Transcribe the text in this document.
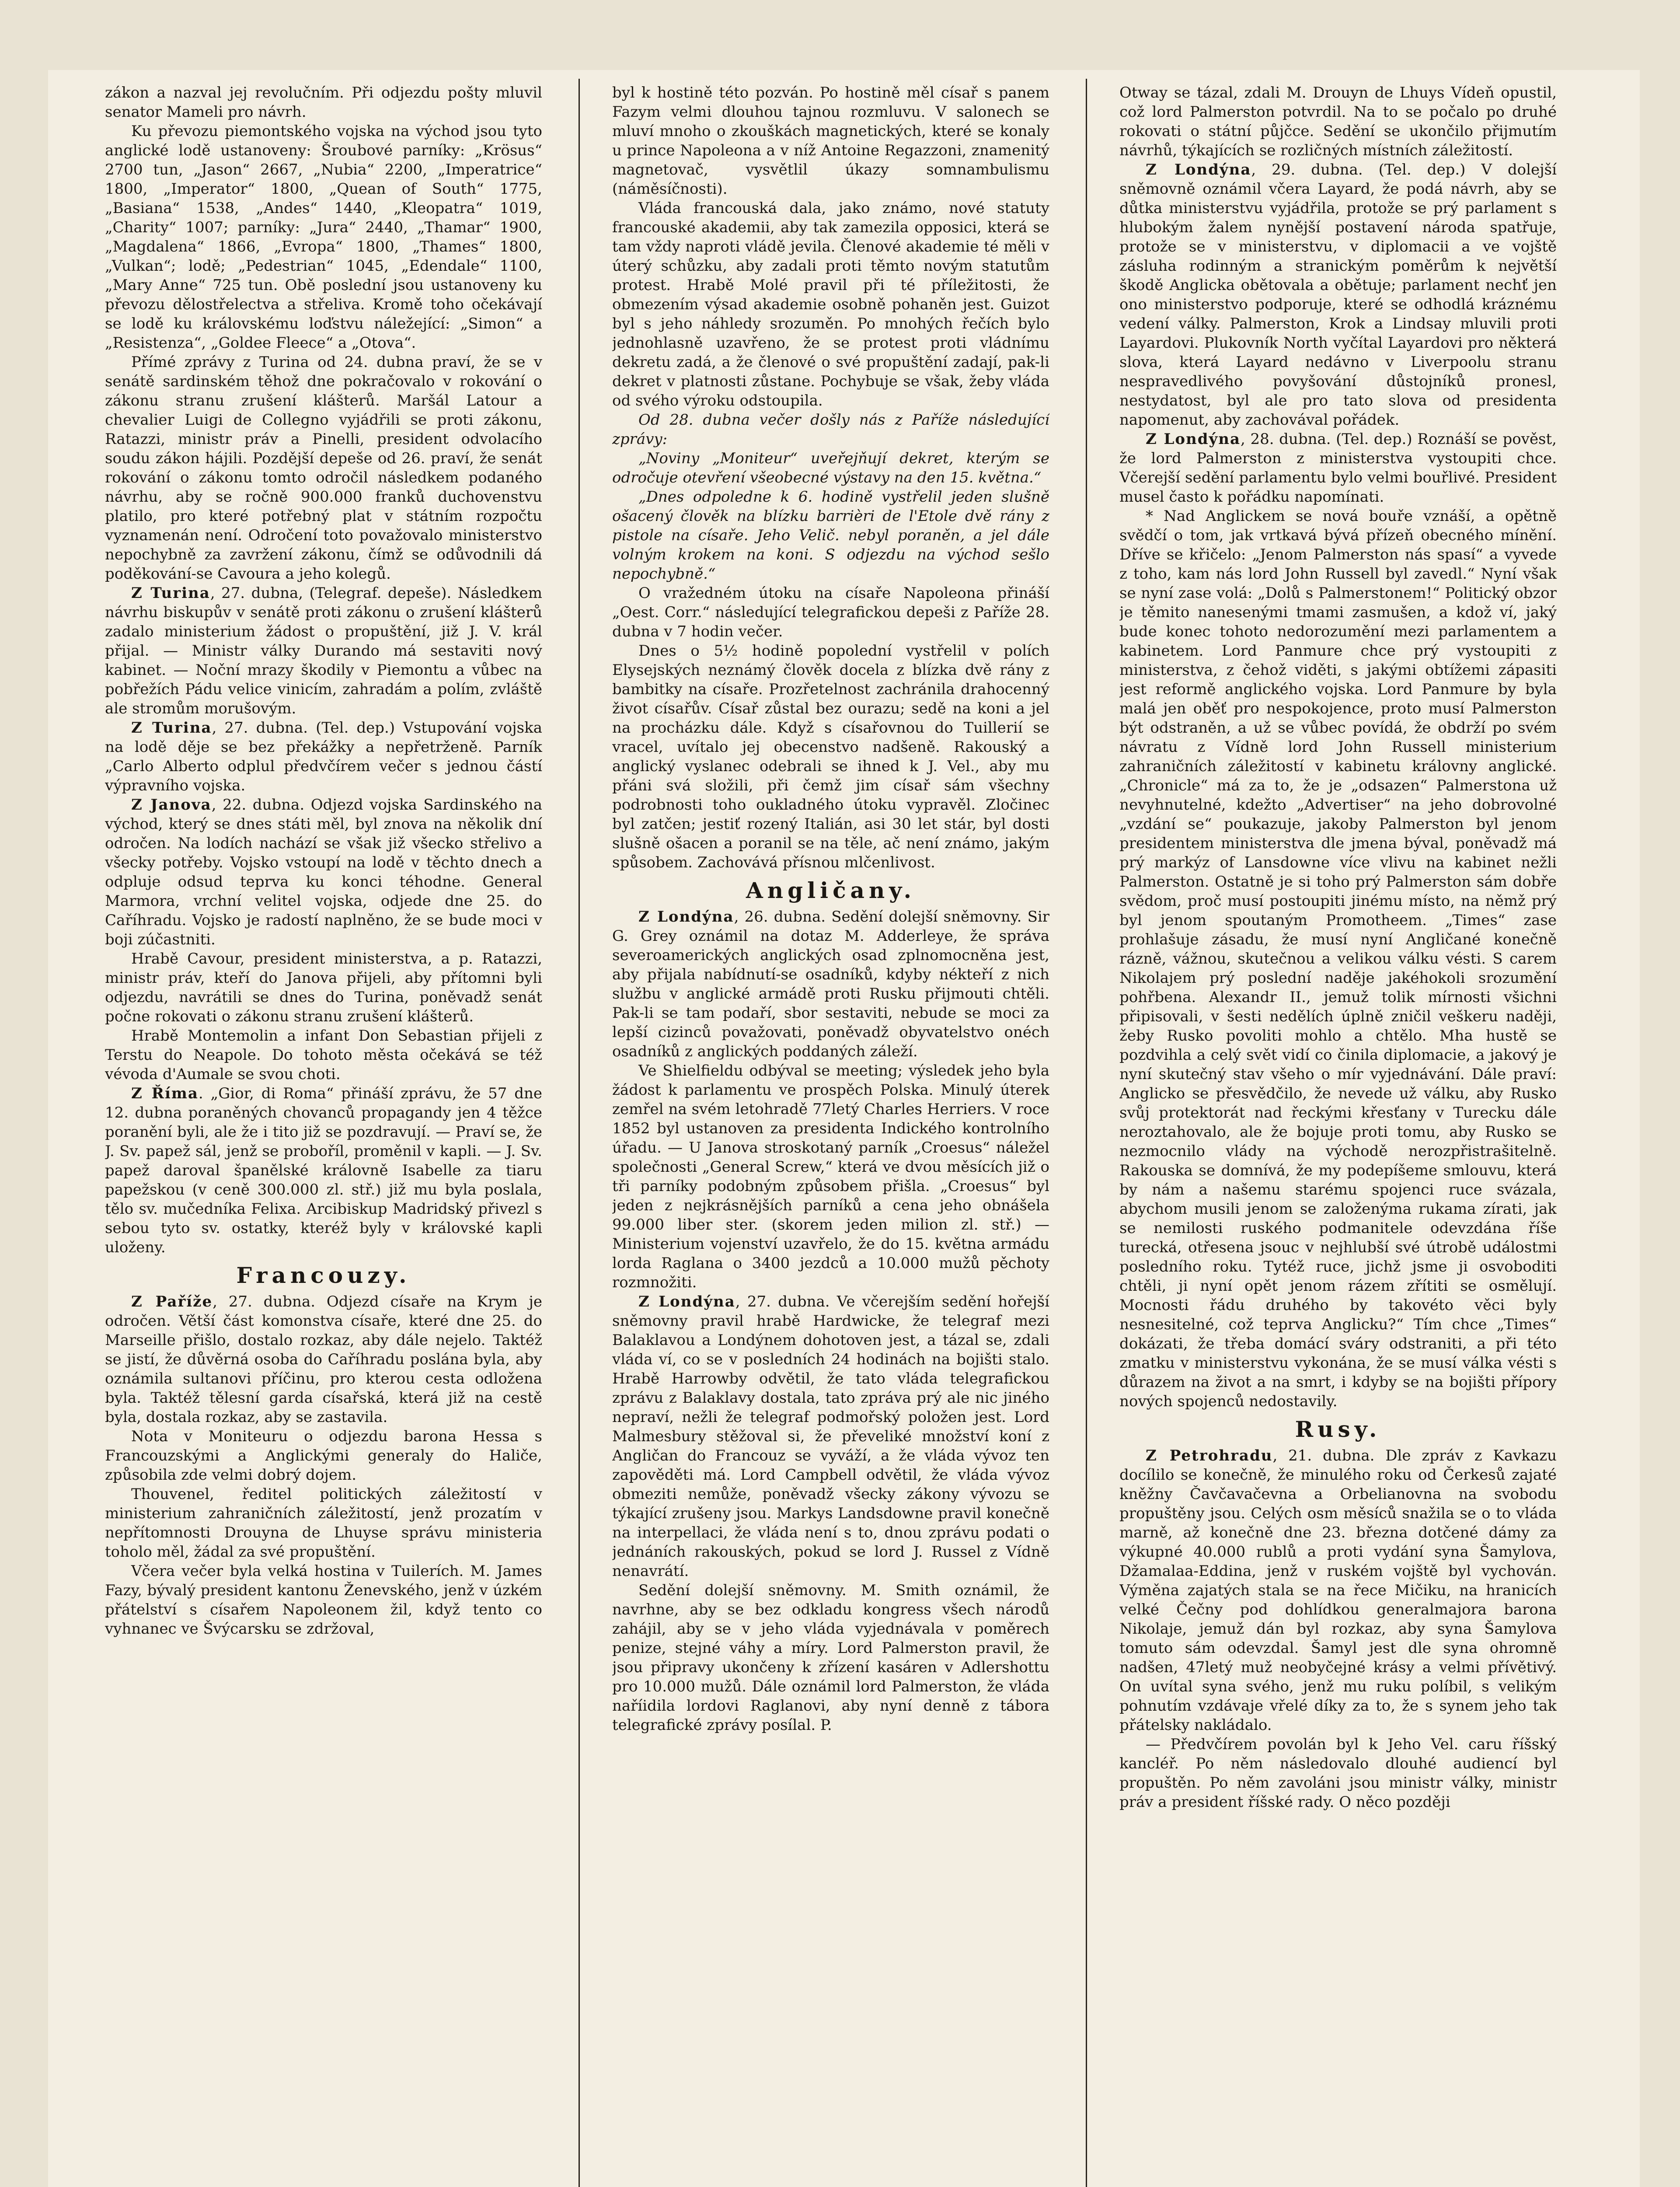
zákon a nazval jej revolučním. Při odjezdu pošty mluvil senator Mameli pro návrh.

Ku převozu piemontského vojska na východ jsou tyto anglické lodě ustanoveny: Šroubové parníky: „Krösus“ 2700 tun, „Jason“ 2667, „Nubia“ 2200, „Imperatrice“ 1800, „Imperator“ 1800, „Quean of South“ 1775, „Basiana“ 1538, „Andes“ 1440, „Kleopatra“ 1019, „Charity“ 1007; parníky: „Jura“ 2440, „Thamar“ 1900, „Magdalena“ 1866, „Evropa“ 1800, „Thames“ 1800, „Vulkan“; lodě; „Pedestrian“ 1045, „Edendale“ 1100, „Mary Anne“ 725 tun. Obě poslední jsou ustanoveny ku převozu dělostřelectva a střeliva. Kromě toho očekávají se lodě ku královskému loďstvu náležející: „Simon“ a „Resistenza“, „Goldee Fleece“ a „Otova“.

Přímé zprávy z Turina od 24. dubna praví, že se v senátě sardinském těhož dne pokračovalo v rokování o zákonu stranu zrušení klášterů. Maršál Latour a chevalier Luigi de Collegno vyjádřili se proti zákonu, Ratazzi, ministr práv a Pinelli, president odvolacího soudu zákon hájili. Pozdější depeše od 26. praví, že senát rokování o zákonu tomto odročil následkem podaného návrhu, aby se ročně 900.000 franků duchovenstvu platilo, pro které potřebný plat v státním rozpočtu vyznamenán není. Odročení toto považovalo ministerstvo nepochybně za zavržení zákonu, čímž se odůvodnili dá poděkování-se Cavoura a jeho kolegů.

Z Turina, 27. dubna, (Telegraf. depeše). Následkem návrhu biskupův v senátě proti zákonu o zrušení klášterů zadalo ministerium žádost o propuštění, již J. V. král přijal. — Ministr války Durando má sestaviti nový kabinet. — Noční mrazy škodily v Piemontu a vůbec na pobřežích Pádu velice vinicím, zahradám a polím, zvláště ale stromům morušovým.

Z Turina, 27. dubna. (Tel. dep.) Vstupování vojska na lodě děje se bez překážky a nepřetrženě. Parník „Carlo Alberto odplul předvčírem večer s jednou částí výpravního vojska.

Z Janova, 22. dubna. Odjezd vojska Sardinského na východ, který se dnes státi měl, byl znova na několik dní odročen. Na lodích nachází se však již všecko střelivo a všecky potřeby. Vojsko vstoupí na lodě v těchto dnech a odpluje odsud teprva ku konci téhodne. General Marmora, vrchní velitel vojska, odjede dne 25. do Caříhradu. Vojsko je radostí naplněno, že se bude moci v boji zúčastniti.

Hrabě Cavour, president ministerstva, a p. Ratazzi, ministr práv, kteří do Janova přijeli, aby přítomni byli odjezdu, navrátili se dnes do Turina, poněvadž senát počne rokovati o zákonu stranu zrušení klášterů.

Hrabě Montemolin a infant Don Sebastian přijeli z Terstu do Neapole. Do tohoto města očekává se též vévoda d'Aumale se svou choti.

Z Říma. „Gior, di Roma“ přináší zprávu, že 57 dne 12. dubna poraněných chovanců propagandy jen 4 těžce poranění byli, ale že i tito již se pozdravují. — Praví se, že J. Sv. papež sál, jenž se proboříl, proměnil v kapli. — J. Sv. papež daroval španělské královně Isabelle za tiaru papežskou (v ceně 300.000 zl. stř.) již mu byla poslala, tělo sv. mučedníka Felixa. Arcibiskup Madridský přivezl s sebou tyto sv. ostatky, kteréž byly v královské kapli uloženy.

Francouzy.

Z Paříže, 27. dubna. Odjezd císaře na Krym je odročen. Větší část komonstva císaře, které dne 25. do Marseille přišlo, dostalo rozkaz, aby dále nejelo. Taktéž se jistí, že důvěrná osoba do Caříhradu poslána byla, aby oznámila sultanovi příčinu, pro kterou cesta odložena byla. Taktéž tělesní garda císařská, která již na cestě byla, dostala rozkaz, aby se zastavila.

Nota v Moniteuru o odjezdu barona Hessa s Francouzskými a Anglickými generaly do Haliče, způsobila zde velmi dobrý dojem.

Thouvenel, ředitel politických záležitostí v ministerium zahraničních záležitostí, jenž prozatím v nepřítomnosti Drouyna de Lhuyse správu ministeria toholo měl, žádal za své propuštění.

Včera večer byla velká hostina v Tuilerích. M. James Fazy, bývalý president kantonu Ženevského, jenž v úzkém přátelství s císařem Napoleonem žil, když tento co vyhnanec ve Švýcarsku se zdržoval,

byl k hostině této pozván. Po hostině měl císař s panem Fazym velmi dlouhou tajnou rozmluvu. V salonech se mluví mnoho o zkouškách magnetických, které se konaly u prince Napoleona a v níž Antoine Regazzoni, znamenitý magnetovač, vysvětlil úkazy somnambulismu (náměsíčnosti).

Vláda francouská dala, jako známo, nové statuty francouské akademii, aby tak zamezila opposici, která se tam vždy naproti vládě jevila. Členové akademie té měli v úterý schůzku, aby zadali proti těmto novým statutům protest. Hrabě Molé pravil při té příležitosti, že obmezením výsad akademie osobně pohaněn jest. Guizot byl s jeho náhledy srozuměn. Po mnohých řečích bylo jednohlasně uzavřeno, že se protest proti vládnímu dekretu zadá, a že členové o své propuštění zadají, pak-li dekret v platnosti zůstane. Pochybuje se však, žeby vláda od svého výroku odstoupila.

Od 28. dubna večer došly nás z Paříže následující zprávy:

„Noviny „Moniteur“ uveřejňují dekret, kterým se odročuje otevření všeobecné výstavy na den 15. května.“

„Dnes odpoledne k 6. hodině vystřelil jeden slušně ošacený člověk na blízku barrièri de l'Etole dvě rány z pistole na císaře. Jeho Velič. nebyl poraněn, a jel dále volným krokem na koni. S odjezdu na východ sešlo nepochybně.“

O vražedném útoku na císaře Napoleona přináší „Oest. Corr.“ následující telegrafickou depeši z Paříže 28. dubna v 7 hodin večer.

Dnes o 5½ hodině popolední vystřelil v polích Elysejských neznámý člověk docela z blízka dvě rány z bambitky na císaře. Prozřetelnost zachránila drahocenný život císařův. Císař zůstal bez ourazu; sedě na koni a jel na procházku dále. Když s císařovnou do Tuillerií se vracel, uvítalo jej obecenstvo nadšeně. Rakouský a anglický vyslanec odebrali se ihned k J. Vel., aby mu přáni svá složili, při čemž jim císař sám všechny podrobnosti toho oukladného útoku vypravěl. Zločinec byl zatčen; jestiť rozený Italián, asi 30 let stár, byl dosti slušně ošacen a poranil se na těle, ač není známo, jakým spůsobem. Zachovává přísnou mlčenlivost.

Angličany.

Z Londýna, 26. dubna. Sedění dolejší sněmovny. Sir G. Grey oznámil na dotaz M. Adderleye, že správa severoamerických anglických osad zplnomocněna jest, aby přijala nabídnutí-se osadníků, kdyby nékteří z nich službu v anglické armádě proti Rusku přijmouti chtěli. Pak-li se tam podaří, sbor sestaviti, nebude se moci za lepší cizinců považovati, poněvadž obyvatelstvo onéch osadníků z anglických poddaných záleží.

Ve Shielfieldu odbýval se meeting; výsledek jeho byla žádost k parlamentu ve prospěch Polska. Minulý úterek zemřel na svém letohradě 77letý Charles Herriers. V roce 1852 byl ustanoven za presidenta Indického kontrolního úřadu. — U Janova stroskotaný parník „Croesus“ náležel společnosti „General Screw,“ která ve dvou měsících již o tři parníky podobným způsobem přišla. „Croesus“ byl jeden z nejkrásnějších parníků a cena jeho obnášela 99.000 liber ster. (skorem jeden milion zl. stř.) — Ministerium vojenství uzavřelo, že do 15. května armádu lorda Raglana o 3400 jezdců a 10.000 mužů pěchoty rozmnožiti.

Z Londýna, 27. dubna. Ve včerejším sedění hořejší sněmovny pravil hrabě Hardwicke, že telegraf mezi Balaklavou a Londýnem dohotoven jest, a tázal se, zdali vláda ví, co se v posledních 24 hodinách na bojišti stalo. Hrabě Harrowby odvětil, že tato vláda telegrafickou zprávu z Balaklavy dostala, tato zpráva prý ale nic jiného nepraví, nežli že telegraf podmořský položen jest. Lord Malmesbury stěžoval si, že převeliké množství koní z Angličan do Francouz se vyváží, a že vláda vývoz ten zapověděti má. Lord Campbell odvětil, že vláda vývoz obmeziti nemůže, poněvadž všecky zákony vývozu se týkající zrušeny jsou. Markys Landsdowne pravil konečně na interpellaci, že vláda není s to, dnou zprávu podati o jednáních rakouských, pokud se lord J. Russel z Vídně nenavrátí.

Sedění dolejší sněmovny. M. Smith oznámil, že navrhne, aby se bez odkladu kongress všech národů zahájil, aby se v jeho vláda vyjednávala v poměrech penize, stejné váhy a míry. Lord Palmerston pravil, že jsou připravy ukončeny k zřízení kasáren v Adlershottu pro 10.000 mužů. Dále oznámil lord Palmerston, že vláda naříidila lordovi Raglanovi, aby nyní denně z tábora telegrafické zprávy posílal. P.

Otway se tázal, zdali M. Drouyn de Lhuys Vídeň opustil, což lord Palmerston potvrdil. Na to se počalo po druhé rokovati o státní půjčce. Sedění se ukončilo přijmutím návrhů, týkajících se rozličných místních záležitostí.

Z Londýna, 29. dubna. (Tel. dep.) V dolejší sněmovně oznámil včera Layard, že podá návrh, aby se důtka ministerstvu vyjádřila, protože se prý parlament s hlubokým žalem nynější postavení národa spatřuje, protože se v ministerstvu, v diplomacii a ve vojště zásluha rodinným a stranickým poměrům k největší škodě Anglicka obětovala a obětuje; parlament nechť jen ono ministerstvo podporuje, které se odhodlá kráznému vedení války. Palmerston, Krok a Lindsay mluvili proti Layardovi. Plukovník North vyčítal Layardovi pro některá slova, která Layard nedávno v Liverpoolu stranu nespravedlivého povyšování důstojníků pronesl, nestydatost, byl ale pro tato slova od presidenta napomenut, aby zachovával pořádek.

Z Londýna, 28. dubna. (Tel. dep.) Roznáší se pověst, že lord Palmerston z ministerstva vystoupiti chce. Včerejší sedění parlamentu bylo velmi bouřlivé. President musel často k pořádku napomínati.

* Nad Anglickem se nová bouře vznáší, a opětně svědčí o tom, jak vrtkavá bývá přízeň obecného mínění. Dříve se křičelo: „Jenom Palmerston nás spasí“ a vyvede z toho, kam nás lord John Russell byl zavedl.“ Nyní však se nyní zase volá: „Dolů s Palmerstonem!“ Politický obzor je těmito nanesenými tmami zasmušen, a kdož ví, jaký bude konec tohoto nedorozumění mezi parlamentem a kabinetem. Lord Panmure chce prý vystoupiti z ministerstva, z čehož viděti, s jakými obtížemi zápasiti jest reformě anglického vojska. Lord Panmure by byla malá jen oběť pro nespokojence, proto musí Palmerston být odstraněn, a už se vůbec povídá, že obdrží po svém návratu z Vídně lord John Russell ministerium zahraničních záležitostí v kabinetu královny anglické. „Chronicle“ má za to, že je „odsazen“ Palmerstona už nevyhnutelné, kdežto „Advertiser“ na jeho dobrovolné „vzdání se“ poukazuje, jakoby Palmerston byl jenom presidentem ministerstva dle jmena býval, poněvadž má prý markýz of Lansdowne více vlivu na kabinet nežli Palmerston. Ostatně je si toho prý Palmerston sám dobře svědom, proč musí postoupiti jinému místo, na němž prý byl jenom spoutaným Promotheem. „Times“ zase prohlašuje zásadu, že musí nyní Angličané konečně rázně, vážnou, skutečnou a velikou válku vésti. S carem Nikolajem prý poslední naděje jakéhokoli srozumění pohřbena. Alexandr II., jemuž tolik mírnosti všichni připisovali, v šesti nedělích úplně zničil veškeru naději, žeby Rusko povoliti mohlo a chtělo. Mha hustě se pozdvihla a celý svět vidí co činila diplomacie, a jakový je nyní skutečný stav všeho o mír vyjednávání. Dále praví: Anglicko se přesvědčilo, že nevede už válku, aby Rusko svůj protektorát nad řeckými křesťany v Turecku dále neroztahovalo, ale že bojuje proti tomu, aby Rusko se nezmocnilo vlády na východě nerozpřistrašitelně. Rakouska se domnívá, že my podepíšeme smlouvu, která by nám a našemu starému spojenci ruce svázala, abychom musili jenom se založenýma rukama zírati, jak se nemilosti ruského podmanitele odevzdána říše turecká, otřesena jsouc v nejhlubší své útrobě událostmi posledního roku. Tytéž ruce, jichž jsme ji osvoboditi chtěli, ji nyní opět jenom rázem zřítiti se osmělují. Mocnosti řádu druhého by takovéto věci byly nesnesitelné, což teprva Anglicku?“ Tím chce „Times“ dokázati, že třeba domácí sváry odstraniti, a při této zmatku v ministerstvu vykonána, že se musí válka vésti s důrazem na život a na smrt, i kdyby se na bojišti přípory nových spojenců nedostavily.

Rusy.

Z Petrohradu, 21. dubna. Dle zpráv z Kavkazu docílilo se konečně, že minulého roku od Čerkesů zajaté kněžny Čavčavačevna a Orbelianovna na svobodu propuštěny jsou. Celých osm měsíců snažila se o to vláda marně, až konečně dne 23. března dotčené dámy za výkupné 40.000 rublů a proti vydání syna Šamylova, Džamalaa-Eddina, jenž v ruském vojště byl vychován. Výměna zajatých stala se na řece Mičiku, na hranicích velké Čečny pod dohlídkou generalmajora barona Nikolaje, jemuž dán byl rozkaz, aby syna Šamylova tomuto sám odevzdal. Šamyl jest dle syna ohromně nadšen, 47letý muž neobyčejné krásy a velmi přívětivý. On uvítal syna svého, jenž mu ruku políbil, s velikým pohnutím vzdávaje vřelé díky za to, že s synem jeho tak přátelsky nakládalo.

— Předvčírem povolán byl k Jeho Vel. caru říšský kancléř. Po něm následovalo dlouhé audiencí byl propuštěn. Po něm zavoláni jsou ministr války, ministr práv a president říšské rady. O něco později
